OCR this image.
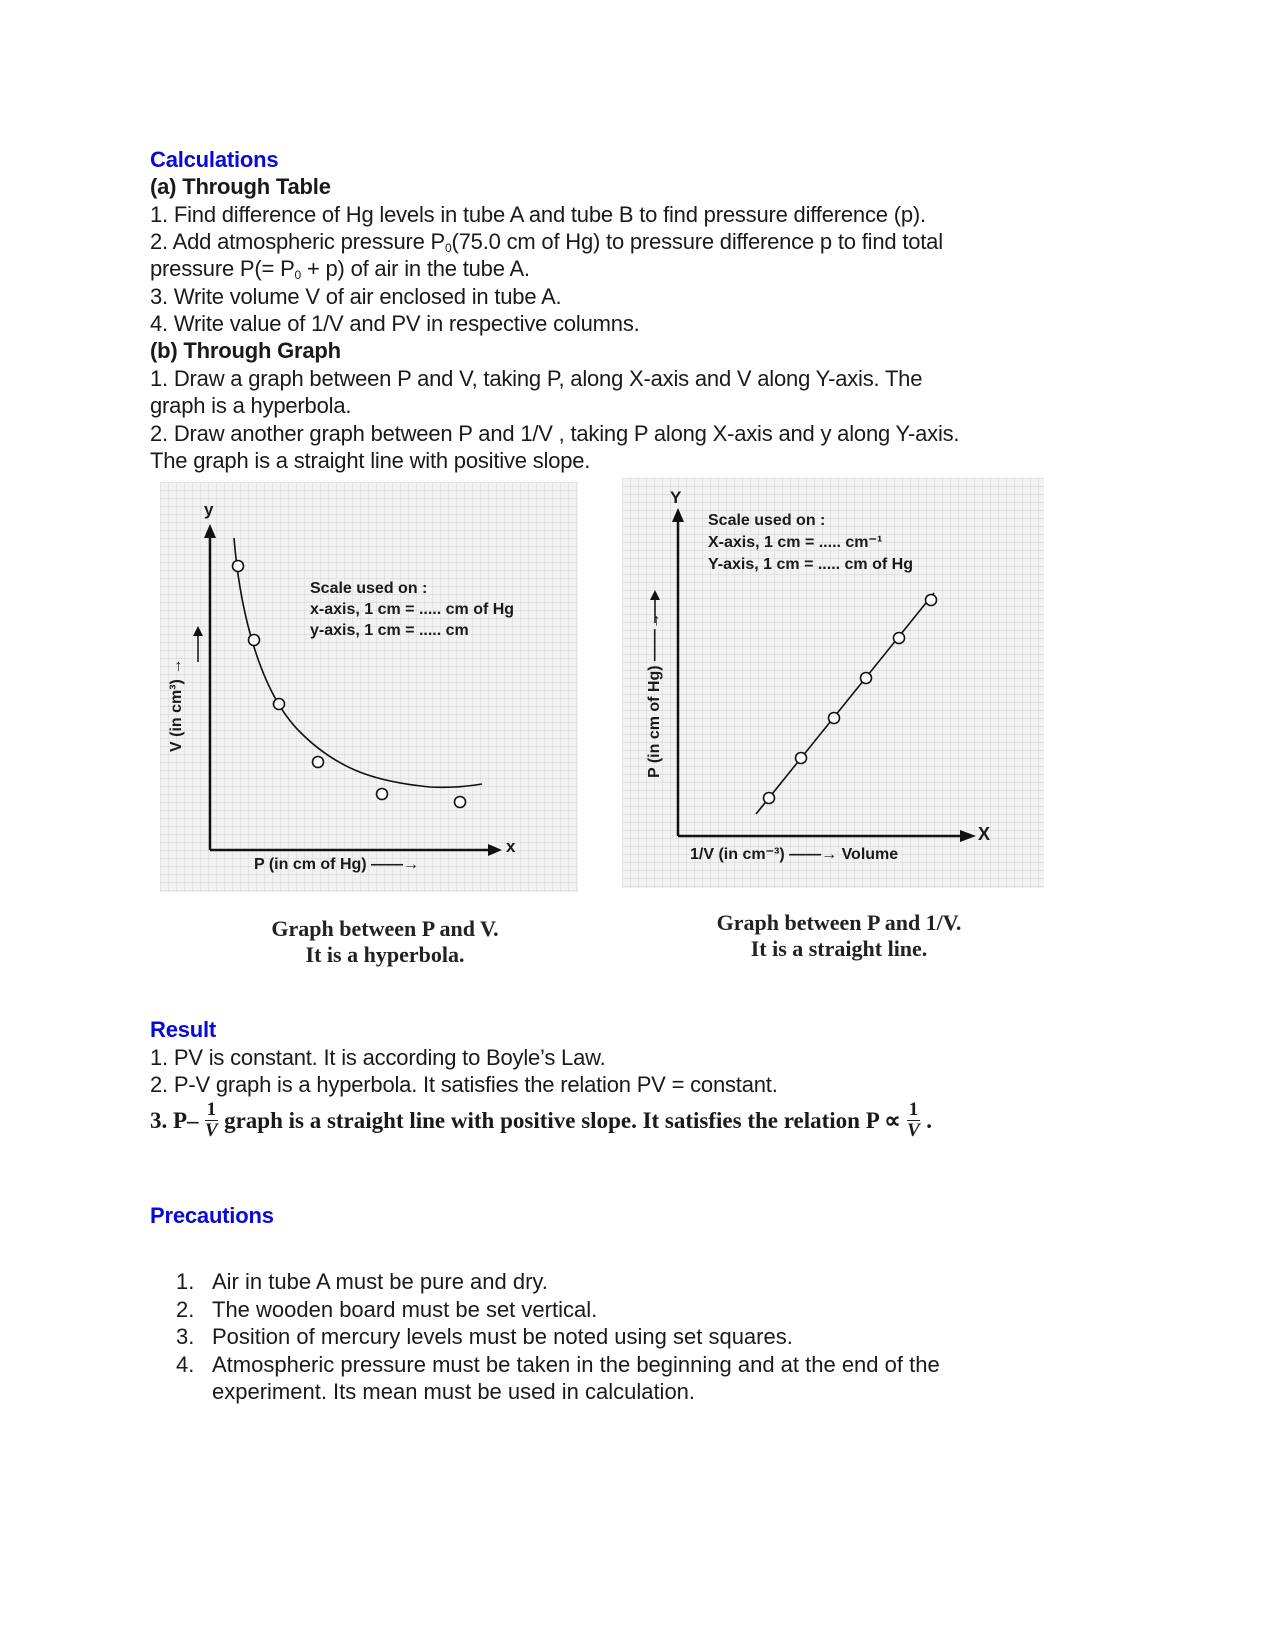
Calculations
(a) Through Table
1. Find difference of Hg levels in tube A and tube B to find pressure difference (p).
2. Add atmospheric pressure $P_0(75.0$ cm of Hg) to pressure difference p to find total
pressure $P(= P_0 + p)$ of air in the tube A.
3. Write volume V of air enclosed in tube A.
4. Write value of 1/V and PV in respective columns.
(b) Through Graph
1. Draw a graph between P and V, taking P, along X-axis and V along Y-axis. The
graph is a hyperbola.
2. Draw another graph between P and 1/V , taking P along X-axis and y along Y-axis.
The graph is a straight line with positive slope.
y
x
V (in cm³) →
P (in cm of Hg) ——→
Scale used on :
x-axis, 1 cm = ..... cm of Hg
y-axis, 1 cm = ..... cm
Y
X
P (in cm of Hg) ——→
1/V (in cm⁻³) ——→ Volume
Scale used on :
X-axis, 1 cm = ..... cm⁻¹
Y-axis, 1 cm = ..... cm of Hg
Graph between P and V.
It is a hyperbola.
Graph between P and 1/V.
It is a straight line.
Result
1. PV is constant. It is according to Boyle’s Law.
2. P-V graph is a hyperbola. It satisfies the relation PV = constant.
3. $P- \frac{1}{V}$ graph is a straight line with positive slope. It satisfies the relation $P \propto \frac{1}{V}$ .
Precautions
1. Air in tube A must be pure and dry.
2. The wooden board must be set vertical.
3. Position of mercury levels must be noted using set squares.
4. Atmospheric pressure must be taken in the beginning and at the end of the
experiment. Its mean must be used in calculation.
